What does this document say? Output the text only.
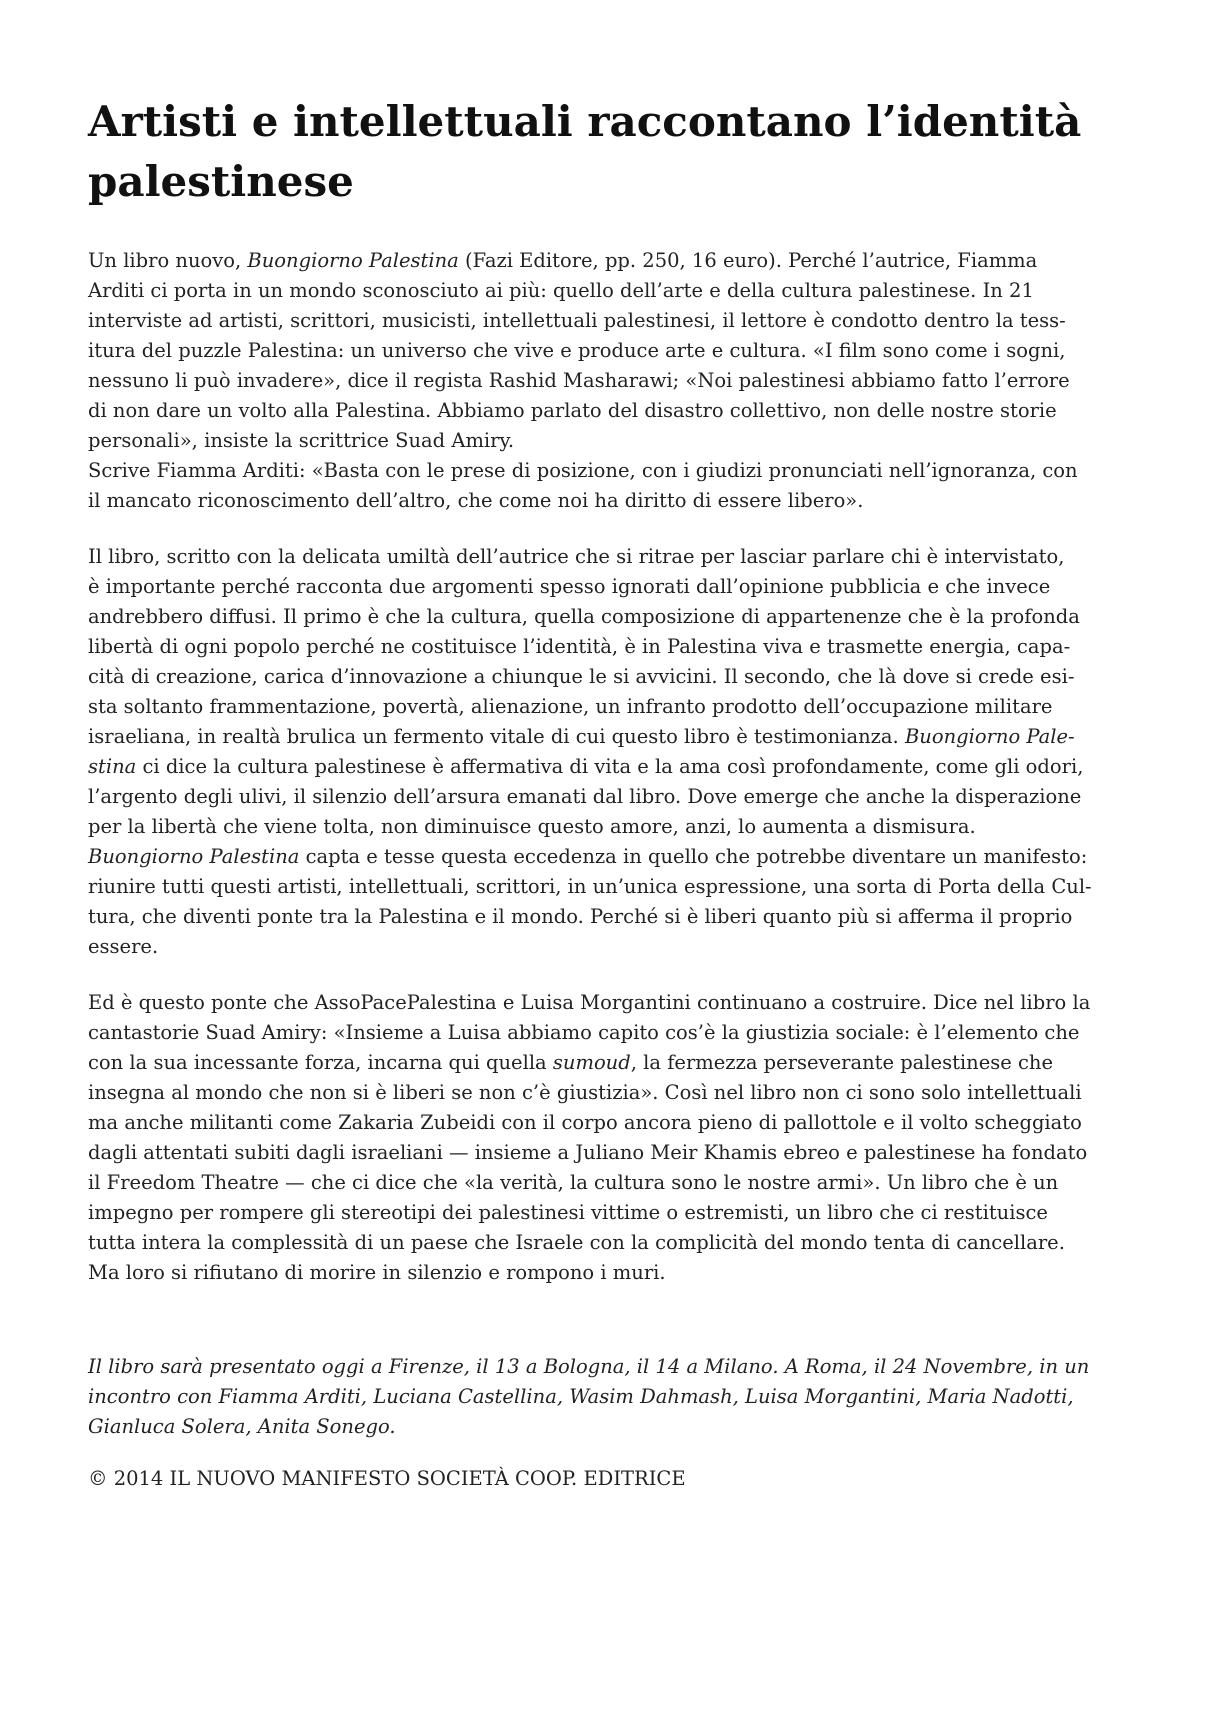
Artisti e intellettuali raccontano l’identità palestinese
Un libro nuovo, Buongiorno Palestina (Fazi Editore, pp. 250, 16 euro). Perché l’autrice, Fiamma
Arditi ci porta in un mondo sconosciuto ai più: quello dell’arte e della cultura palestinese. In 21
interviste ad artisti, scrittori, musicisti, intellettuali palestinesi, il lettore è condotto dentro la tess-
itura del puzzle Palestina: un universo che vive e produce arte e cultura. «I film sono come i sogni,
nessuno li può invadere», dice il regista Rashid Masharawi; «Noi palestinesi abbiamo fatto l’errore
di non dare un volto alla Palestina. Abbiamo parlato del disastro collettivo, non delle nostre storie
personali», insiste la scrittrice Suad Amiry.
Scrive Fiamma Arditi: «Basta con le prese di posizione, con i giudizi pronunciati nell’ignoranza, con
il mancato riconoscimento dell’altro, che come noi ha diritto di essere libero».
Il libro, scritto con la delicata umiltà dell’autrice che si ritrae per lasciar parlare chi è intervistato,
è importante perché racconta due argomenti spesso ignorati dall’opinione pubblicia e che invece
andrebbero diffusi. Il primo è che la cultura, quella composizione di appartenenze che è la profonda
libertà di ogni popolo perché ne costituisce l’identità, è in Palestina viva e trasmette energia, capa-
cità di creazione, carica d’innovazione a chiunque le si avvicini. Il secondo, che là dove si crede esi-
sta soltanto frammentazione, povertà, alienazione, un infranto prodotto dell’occupazione militare
israeliana, in realtà brulica un fermento vitale di cui questo libro è testimonianza. Buongiorno Pale-
stina ci dice la cultura palestinese è affermativa di vita e la ama così profondamente, come gli odori,
l’argento degli ulivi, il silenzio dell’arsura emanati dal libro. Dove emerge che anche la disperazione
per la libertà che viene tolta, non diminuisce questo amore, anzi, lo aumenta a dismisura.
Buongiorno Palestina capta e tesse questa eccedenza in quello che potrebbe diventare un manifesto:
riunire tutti questi artisti, intellettuali, scrittori, in un’unica espressione, una sorta di Porta della Cul-
tura, che diventi ponte tra la Palestina e il mondo. Perché si è liberi quanto più si afferma il proprio
essere.
Ed è questo ponte che AssoPacePalestina e Luisa Morgantini continuano a costruire. Dice nel libro la
cantastorie Suad Amiry: «Insieme a Luisa abbiamo capito cos’è la giustizia sociale: è l’elemento che
con la sua incessante forza, incarna qui quella sumoud, la fermezza perseverante palestinese che
insegna al mondo che non si è liberi se non c’è giustizia». Così nel libro non ci sono solo intellettuali
ma anche militanti come Zakaria Zubeidi con il corpo ancora pieno di pallottole e il volto scheggiato
dagli attentati subiti dagli israeliani — insieme a Juliano Meir Khamis ebreo e palestinese ha fondato
il Freedom Theatre — che ci dice che «la verità, la cultura sono le nostre armi». Un libro che è un
impegno per rompere gli stereotipi dei palestinesi vittime o estremisti, un libro che ci restituisce
tutta intera la complessità di un paese che Israele con la complicità del mondo tenta di cancellare.
Ma loro si rifiutano di morire in silenzio e rompono i muri.
Il libro sarà presentato oggi a Firenze, il 13 a Bologna, il 14 a Milano. A Roma, il 24 Novembre, in un
incontro con Fiamma Arditi, Luciana Castellina, Wasim Dahmash, Luisa Morgantini, Maria Nadotti,
Gianluca Solera, Anita Sonego.

© 2014 IL NUOVO MANIFESTO SOCIETÀ COOP. EDITRICE
